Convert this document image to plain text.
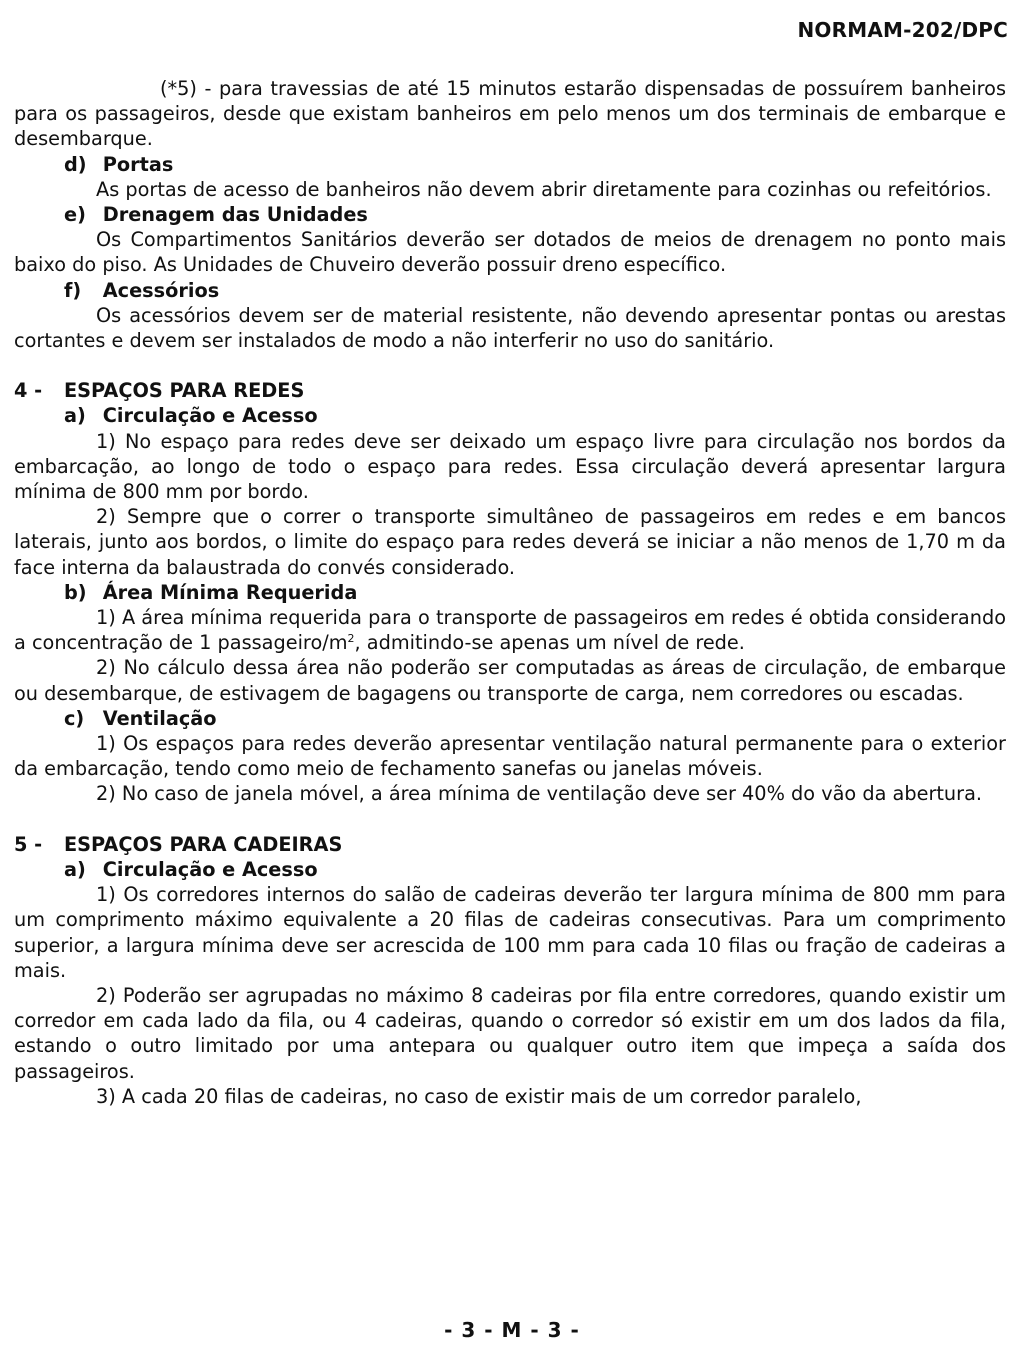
NORMAM-202/DPC

(*5) - para travessias de até 15 minutos estarão dispensadas de possuírem banheiros para os passageiros, desde que existam banheiros em pelo menos um dos terminais de embarque e desembarque.

d) Portas

As portas de acesso de banheiros não devem abrir diretamente para cozinhas ou refeitórios.

e) Drenagem das Unidades

Os Compartimentos Sanitários deverão ser dotados de meios de drenagem no ponto mais baixo do piso. As Unidades de Chuveiro deverão possuir dreno específico.

f) Acessórios

Os acessórios devem ser de material resistente, não devendo apresentar pontas ou arestas cortantes e devem ser instalados de modo a não interferir no uso do sanitário.

4 - ESPAÇOS PARA REDES

a) Circulação e Acesso

1) No espaço para redes deve ser deixado um espaço livre para circulação nos bordos da embarcação, ao longo de todo o espaço para redes. Essa circulação deverá apresentar largura mínima de 800 mm por bordo.

2) Sempre que o correr o transporte simultâneo de passageiros em redes e em bancos laterais, junto aos bordos, o limite do espaço para redes deverá se iniciar a não menos de 1,70 m da face interna da balaustrada do convés considerado.

b) Área Mínima Requerida

1) A área mínima requerida para o transporte de passageiros em redes é obtida considerando a concentração de 1 passageiro/$m^2$, admitindo-se apenas um nível de rede.

2) No cálculo dessa área não poderão ser computadas as áreas de circulação, de embarque ou desembarque, de estivagem de bagagens ou transporte de carga, nem corredores ou escadas.

c) Ventilação

1) Os espaços para redes deverão apresentar ventilação natural permanente para o exterior da embarcação, tendo como meio de fechamento sanefas ou janelas móveis.

2) No caso de janela móvel, a área mínima de ventilação deve ser 40% do vão da abertura.

5 - ESPAÇOS PARA CADEIRAS

a) Circulação e Acesso

1) Os corredores internos do salão de cadeiras deverão ter largura mínima de 800 mm para um comprimento máximo equivalente a 20 filas de cadeiras consecutivas. Para um comprimento superior, a largura mínima deve ser acrescida de 100 mm para cada 10 filas ou fração de cadeiras a mais.

2) Poderão ser agrupadas no máximo 8 cadeiras por fila entre corredores, quando existir um corredor em cada lado da fila, ou 4 cadeiras, quando o corredor só existir em um dos lados da fila, estando o outro limitado por uma antepara ou qualquer outro item que impeça a saída dos passageiros.

3) A cada 20 filas de cadeiras, no caso de existir mais de um corredor paralelo,

- 3 - M - 3 -
